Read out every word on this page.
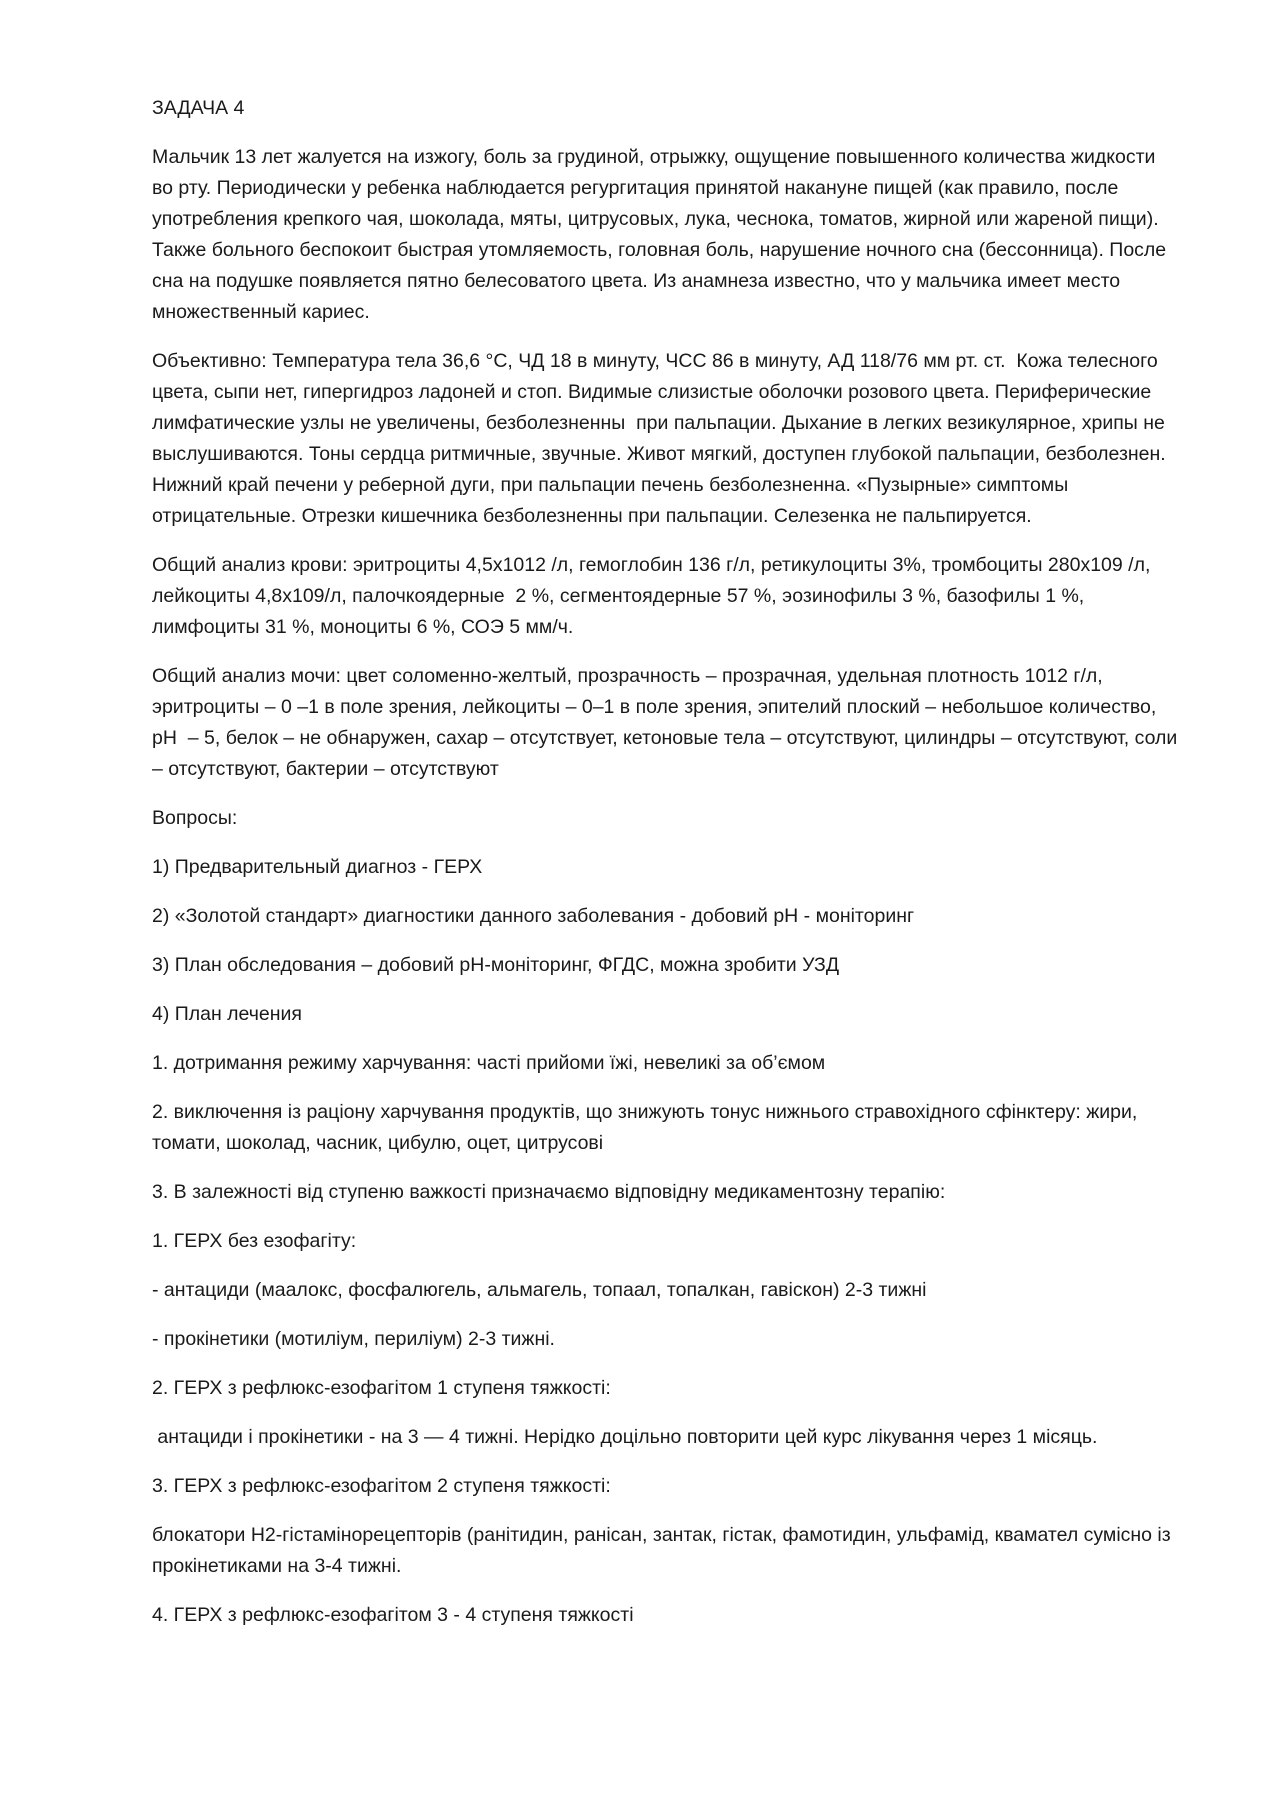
ЗАДАЧА 4

Мальчик 13 лет жалуется на изжогу, боль за грудиной, отрыжку, ощущение повышенного количества жидкости во рту. Периодически у ребенка наблюдается регургитация принятой накануне пищей (как правило, после употребления крепкого чая, шоколада, мяты, цитрусовых, лука, чеснока, томатов, жирной или жареной пищи). Также больного беспокоит быстрая утомляемость, головная боль, нарушение ночного сна (бессонница). После сна на подушке появляется пятно белесоватого цвета. Из анамнеза известно, что у мальчика имеет место множественный кариес.

Объективно: Температура тела 36,6 °С, ЧД 18 в минуту, ЧСС 86 в минуту, АД 118/76 мм рт. ст.  Кожа телесного цвета, сыпи нет, гипергидроз ладоней и стоп. Видимые слизистые оболочки розового цвета. Периферические лимфатические узлы не увеличены, безболезненны  при пальпации. Дыхание в легких везикулярное, хрипы не выслушиваются. Тоны сердца ритмичные, звучные. Живот мягкий, доступен глубокой пальпации, безболезнен. Нижний край печени у реберной дуги, при пальпации печень безболезненна. «Пузырные» симптомы отрицательные. Отрезки кишечника безболезненны при пальпации. Селезенка не пальпируется.

Общий анализ крови: эритроциты 4,5х1012 /л, гемоглобин 136 г/л, ретикулоциты 3%, тромбоциты 280х109 /л, лейкоциты 4,8х109/л, палочкоядерные  2 %, сегментоядерные 57 %, эозинофилы 3 %, базофилы 1 %, лимфоциты 31 %, моноциты 6 %, СОЭ 5 мм/ч.

Общий анализ мочи: цвет соломенно-желтый, прозрачность – прозрачная, удельная плотность 1012 г/л, эритроциты – 0 –1 в поле зрения, лейкоциты – 0–1 в поле зрения, эпителий плоский – небольшое количество, рН  – 5, белок – не обнаружен, сахар – отсутствует, кетоновые тела – отсутствуют, цилиндры – отсутствуют, соли – отсутствуют, бактерии – отсутствуют

Вопросы:

1) Предварительный диагноз - ГЕРХ

2) «Золотой стандарт» диагностики данного заболевания - добовий рН - моніторинг

3) План обследования – добовий рН-моніторинг, ФГДС, можна зробити УЗД

4) План лечения

1. дотримання режиму харчування: часті прийоми їжі, невеликі за об’ємом

2. виключення із раціону харчування продуктів, що знижують тонус нижнього стравохідного сфінктеру: жири, томати, шоколад, часник, цибулю, оцет, цитрусові

3. В залежності від ступеню важкості призначаємо відповідну медикаментозну терапію:

1. ГЕРХ без езофагіту:

- антациди (маалокс, фосфалюгель, альмагель, топаал, топалкан, гавіскон) 2-3 тижні

- прокінетики (мотиліум, периліум) 2-3 тижні.

2. ГЕРХ з рефлюкс-езофагітом 1 ступеня тяжкості:

антациди і прокінетики - на 3 — 4 тижні. Нерідко доцільно повторити цей курс лікування через 1 місяць.

3. ГЕРХ з рефлюкс-езофагітом 2 ступеня тяжкості:

блокатори Н2-гістамінорецепторів (ранітидин, ранісан, зантак, гістак, фамотидин, ульфамід, квамател сумісно із прокінетиками на 3-4 тижні.

4. ГЕРХ з рефлюкс-езофагітом 3 - 4 ступеня тяжкості
